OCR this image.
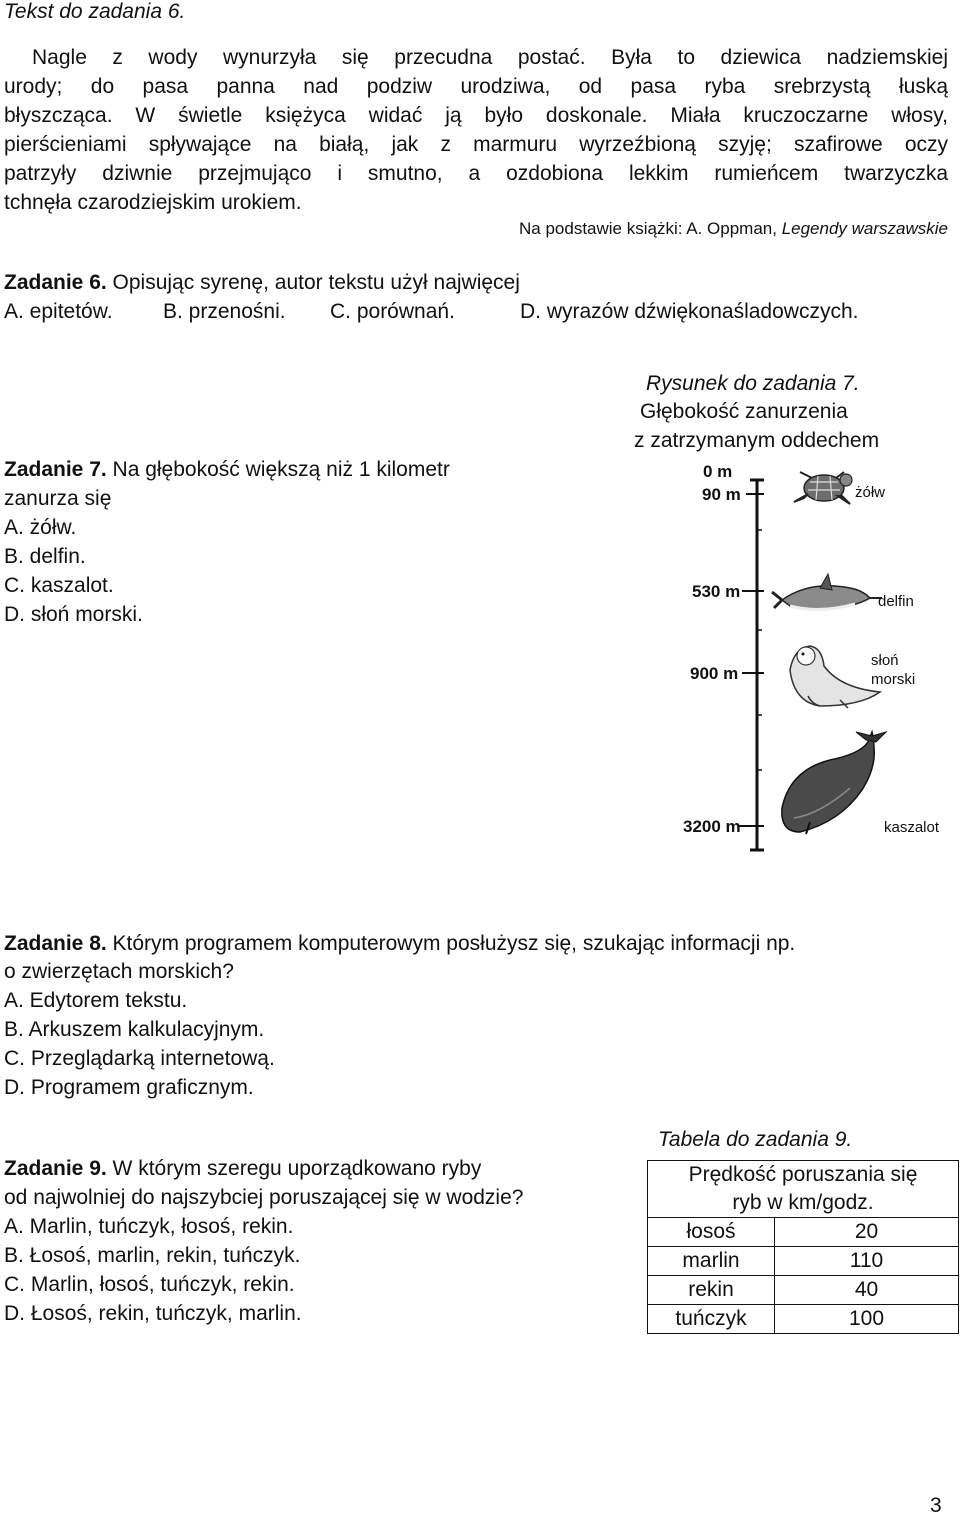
Tekst do zadania 6.
Nagle z wody wynurzyła się przecudna postać. Była to dziewica nadziemskiej
urody; do pasa panna nad podziw urodziwa, od pasa ryba srebrzystą łuską
błyszcząca. W świetle księżyca widać ją było doskonale. Miała kruczoczarne włosy,
pierścieniami spływające na białą, jak z marmuru wyrzeźbioną szyję; szafirowe oczy
patrzyły dziwnie przejmująco i smutno, a ozdobiona lekkim rumieńcem twarzyczka
tchnęła czarodziejskim urokiem.
Na podstawie książki: A. Oppman, Legendy warszawskie
Zadanie 6. Opisując syrenę, autor tekstu użył najwięcej
A. epitetów. B. przenośni. C. porównań.	D. wyrazów dźwiękonaśladowczych.
Zadanie 7. Na głębokość większą niż 1 kilometr
zanurza się
A. żółw.
B. delfin.
C. kaszalot.
D. słoń morski.
Rysunek do zadania 7.
Głębokość zanurzenia
z zatrzymanym oddechem
0 m
90 m
530 m
900 m
3200 m
żółw
delfin
słoń
morski
kaszalot
Zadanie 8. Którym programem komputerowym posłużysz się, szukając informacji np.
o zwierzętach morskich?
A. Edytorem tekstu.
B. Arkuszem kalkulacyjnym.
C. Przeglądarką internetową.
D. Programem graficznym.
Zadanie 9. W którym szeregu uporządkowano ryby
od najwolniej do najszybciej poruszającej się w wodzie?
A. Marlin, tuńczyk, łosoś, rekin.
B. Łosoś, marlin, rekin, tuńczyk.
C. Marlin, łosoś, tuńczyk, rekin.
D. Łosoś, rekin, tuńczyk, marlin.
Tabela do zadania 9.
Prędkość poruszania się
ryb w km/godz.	

łosoś	20
marlin	110
rekin	40
tuńczyk	100
3
